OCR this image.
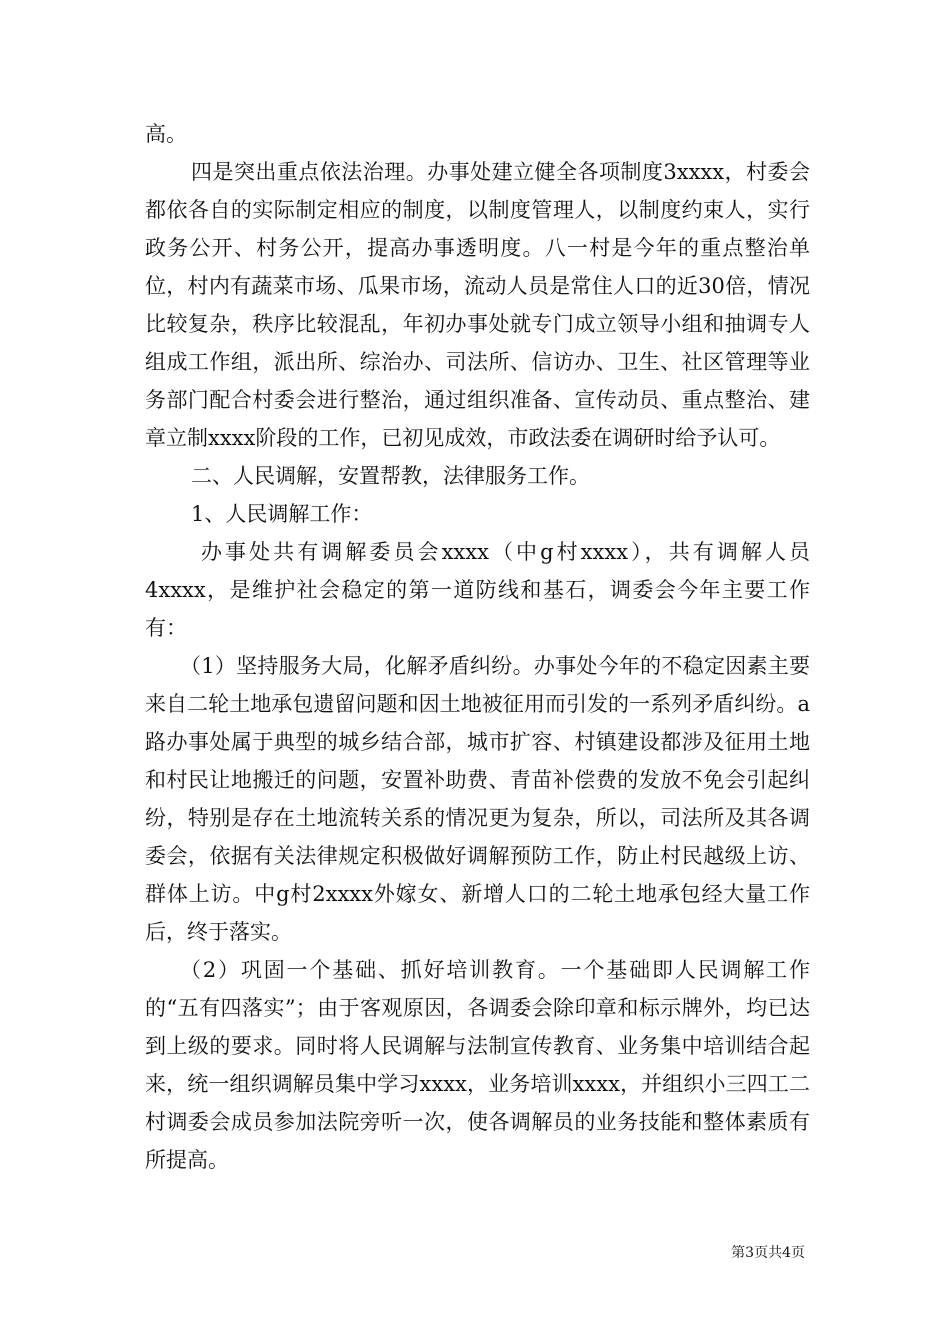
高。

四是突出重点依法治理。办事处建立健全各项制度3xxxx，村委会都依各自的实际制定相应的制度，以制度管理人，以制度约束人，实行政务公开、村务公开，提高办事透明度。八一村是今年的重点整治单位，村内有蔬菜市场、瓜果市场，流动人员是常住人口的近30倍，情况比较复杂，秩序比较混乱，年初办事处就专门成立领导小组和抽调专人组成工作组，派出所、综治办、司法所、信访办、卫生、社区管理等业务部门配合村委会进行整治，通过组织准备、宣传动员、重点整治、建章立制xxxx阶段的工作，已初见成效，市政法委在调研时给予认可。

二、人民调解，安置帮教，法律服务工作。

1、人民调解工作：

办事处共有调解委员会xxxx（中g村xxxx），共有调解人员4xxxx，是维护社会稳定的第一道防线和基石，调委会今年主要工作有：

（1）坚持服务大局，化解矛盾纠纷。办事处今年的不稳定因素主要来自二轮土地承包遗留问题和因土地被征用而引发的一系列矛盾纠纷。a路办事处属于典型的城乡结合部，城市扩容、村镇建设都涉及征用土地和村民让地搬迁的问题，安置补助费、青苗补偿费的发放不免会引起纠纷，特别是存在土地流转关系的情况更为复杂，所以，司法所及其各调委会，依据有关法律规定积极做好调解预防工作，防止村民越级上访、群体上访。中g村2xxxx外嫁女、新增人口的二轮土地承包经大量工作后，终于落实。

（2）巩固一个基础、抓好培训教育。一个基础即人民调解工作的“五有四落实”；由于客观原因，各调委会除印章和标示牌外，均已达到上级的要求。同时将人民调解与法制宣传教育、业务集中培训结合起来，统一组织调解员集中学习xxxx，业务培训xxxx，并组织小三四工二村调委会成员参加法院旁听一次，使各调解员的业务技能和整体素质有所提高。

第3页共4页
